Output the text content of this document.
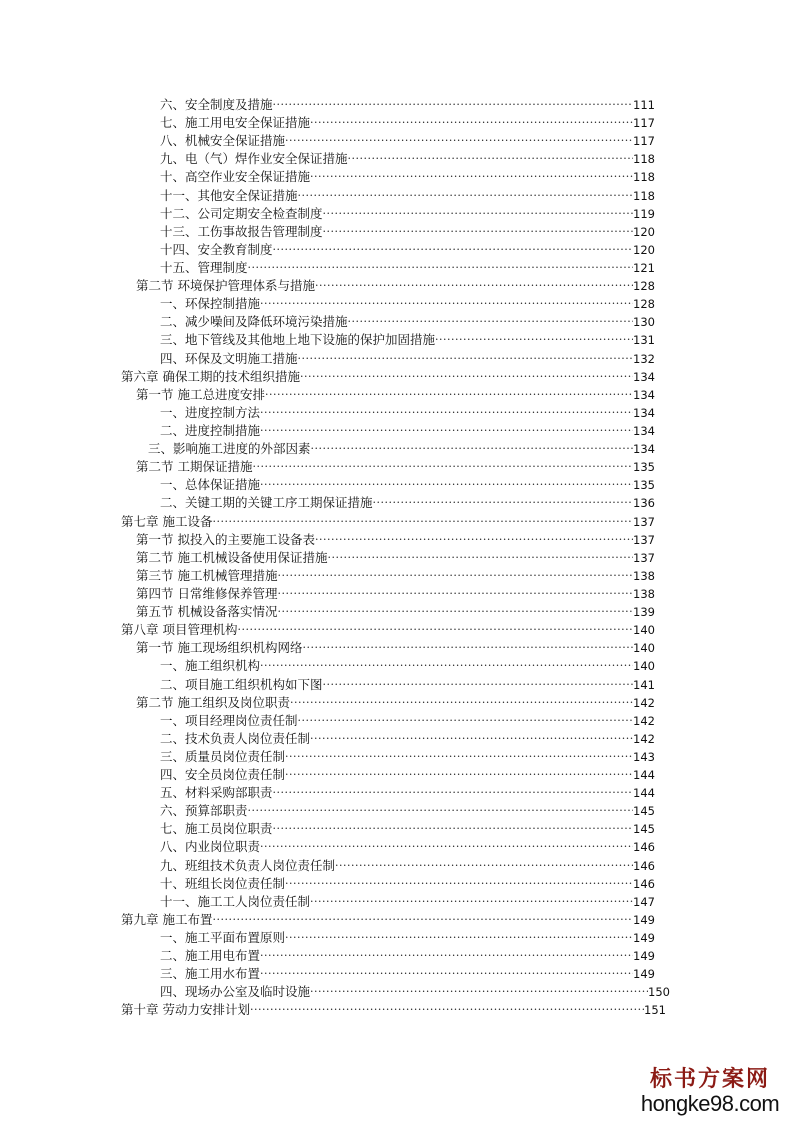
六、安全制度及措施 ·····	111
七、施工用电安全保证措施 ·····	117
八、机械安全保证措施 ·····	117
九、电（气）焊作业安全保证措施 ·····	118
十、高空作业安全保证措施 ·····	118
十一、其他安全保证措施 ·····	118
十二、公司定期安全检查制度 ·····	119
十三、工伤事故报告管理制度 ·····	120
十四、安全教育制度 ·····	120
十五、管理制度 ·····	121
第二节 环境保护管理体系与措施 ·····	128
一、环保控制措施 ·····	128
二、减少噪间及降低环境污染措施 ·····	130
三、地下管线及其他地上地下设施的保护加固措施 ·····	131
四、环保及文明施工措施 ·····	132
第六章 确保工期的技术组织措施 ·····	134
第一节 施工总进度安排 ·····	134
一、进度控制方法 ·····	134
二、进度控制措施 ·····	134
三、影响施工进度的外部因素 ·····	134
第二节 工期保证措施 ·····	135
一、总体保证措施 ·····	135
二、关键工期的关键工序工期保证措施 ·····	136
第七章 施工设备 ·····	137
第一节 拟投入的主要施工设备表 ·····	137
第二节 施工机械设备使用保证措施 ·····	137
第三节 施工机械管理措施 ·····	138
第四节 日常维修保养管理 ·····	138
第五节 机械设备落实情况 ·····	139
第八章 项目管理机构 ·····	140
第一节 施工现场组织机构网络 ·····	140
一、施工组织机构 ·····	140
二、项目施工组织机构如下图 ·····	141
第二节 施工组织及岗位职责 ·····	142
一、项目经理岗位责任制 ·····	142
二、技术负责人岗位责任制 ·····	142
三、质量员岗位责任制 ·····	143
四、安全员岗位责任制 ·····	144
五、材料采购部职责 ·····	144
六、预算部职责 ·····	145
七、施工员岗位职责 ·····	145
八、内业岗位职责 ·····	146
九、班组技术负责人岗位责任制 ·····	146
十、班组长岗位责任制 ·····	146
十一、施工工人岗位责任制 ·····	147
第九章 施工布置 ·····	149
一、施工平面布置原则 ·····	149
二、施工用电布置 ·····	149
三、施工用水布置 ·····	149
四、现场办公室及临时设施 ·····	150
第十章 劳动力安排计划 ·····	151
标书方案网
hongke98.com
